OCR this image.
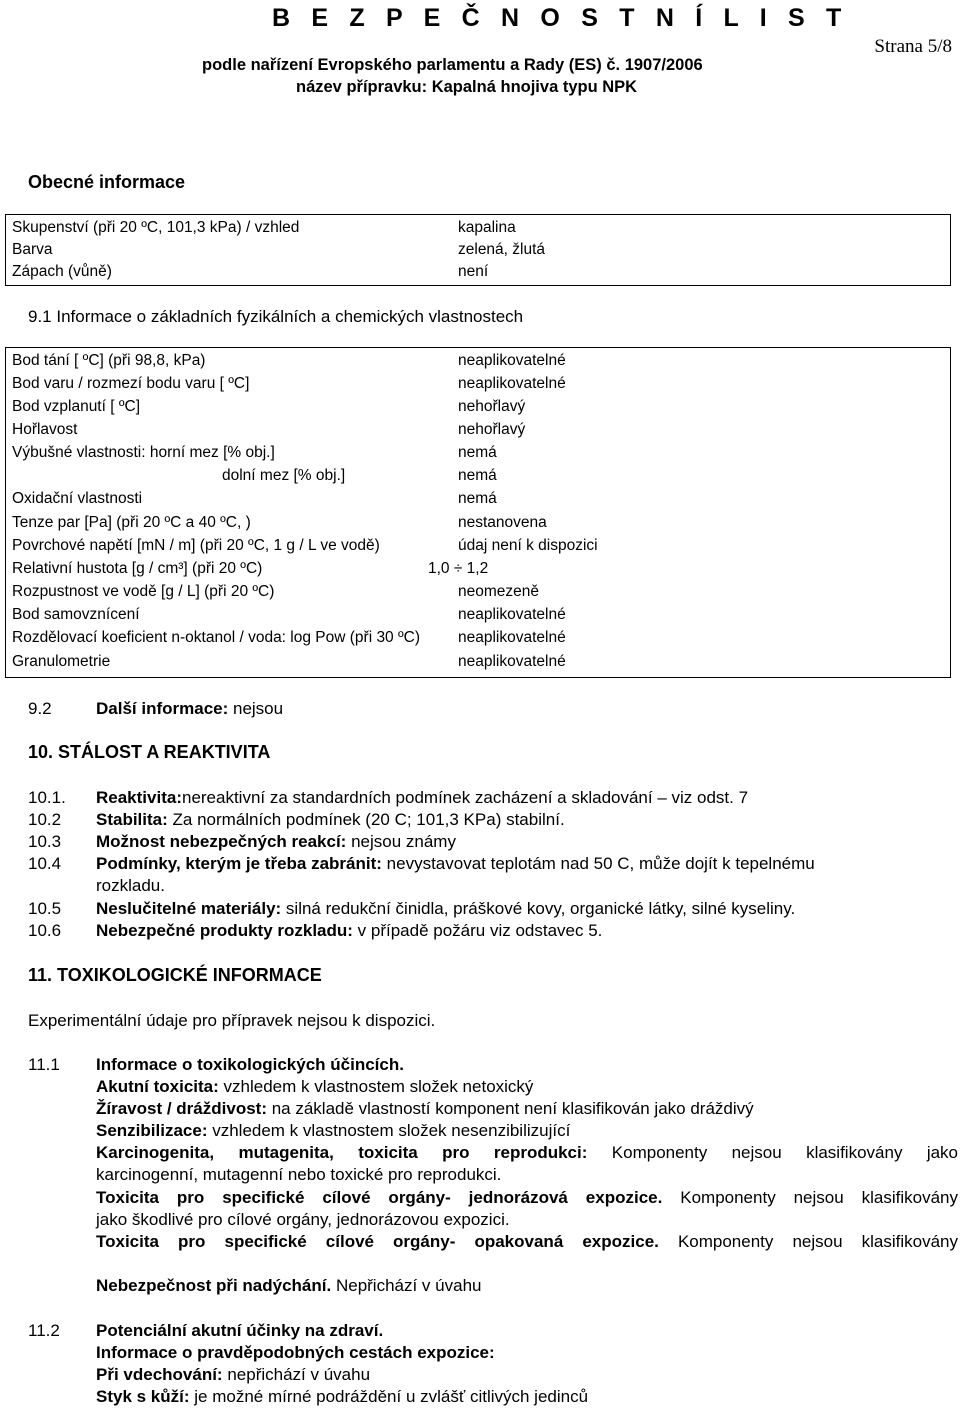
B E Z P E Č N O S T N Í L I S T
podle nařízení Evropského parlamentu a Rady (ES) č. 1907/2006
název přípravku: Kapalná hnojiva typu NPK
Strana 5/8
Obecné informace
Skupenství (při 20 ºC, 101,3 kPa) / vzhled	kapalina
Barva	zelená, žlutá
Zápach (vůně)	není
9.1 Informace o základních fyzikálních a chemických vlastnostech
Bod tání [ ºC] (při 98,8, kPa)	neaplikovatelné
Bod varu / rozmezí bodu varu [ ºC]	neaplikovatelné
Bod vzplanutí [ ºC]	nehořlavý
Hořlavost	nehořlavý
Výbušné vlastnosti: horní mez [% obj.]	nemá
dolní mez [% obj.]	nemá
Oxidační vlastnosti	nemá
Tenze par [Pa] (při 20 ºC a 40 ºC, )	nestanovena
Povrchové napětí [mN / m] (při 20 ºC, 1 g / L ve vodě)	údaj není k dispozici
Relativní hustota [g / cm³] (při 20 ºC)	1,0 ÷ 1,2
Rozpustnost ve vodě [g / L] (při 20 ºC)	neomezeně
Bod samovznícení	neaplikovatelné
Rozdělovací koeficient n-oktanol / voda: log Pow (při 30 ºC) neaplikovatelné
Granulometrie	neaplikovatelné
9.2	Další informace: nejsou
10. STÁLOST A REAKTIVITA
10.1. Reaktivita:nereaktivní za standardních podmínek zacházení a skladování – viz odst. 7
10.2 Stabilita: Za normálních podmínek (20 C; 101,3 KPa) stabilní.
10.3 Možnost nebezpečných reakcí: nejsou známy
10.4 Podmínky, kterým je třeba zabránit: nevystavovat teplotám nad 50 C, může dojít k tepelnému
rozkladu.
10.5 Neslučitelné materiály: silná redukční činidla, práškové kovy, organické látky, silné kyseliny.
10.6 Nebezpečné produkty rozkladu: v případě požáru viz odstavec 5.
11. TOXIKOLOGICKÉ INFORMACE
Experimentální údaje pro přípravek nejsou k dispozici.
11.1 Informace o toxikologických účincích.
Akutní toxicita: vzhledem k vlastnostem složek netoxický
Žíravost / dráždivost: na základě vlastností komponent není klasifikován jako dráždivý
Senzibilizace: vzhledem k vlastnostem složek nesenzibilizující
Karcinogenita, mutagenita, toxicita pro reprodukci: Komponenty nejsou klasifikovány jako
karcinogenní, mutagenní nebo toxické pro reprodukci.
Toxicita pro specifické cílové orgány- jednorázová expozice. Komponenty nejsou klasifikovány
jako škodlivé pro cílové orgány, jednorázovou expozici.
Toxicita pro specifické cílové orgány- opakovaná expozice. Komponenty nejsou klasifikovány
Nebezpečnost při nadýchání. Nepřichází v úvahu
11.2 Potenciální akutní účinky na zdraví.
Informace o pravděpodobných cestách expozice:
Při vdechování: nepřichází v úvahu
Styk s kůží: je možné mírné podráždění u zvlášť citlivých jedinců
